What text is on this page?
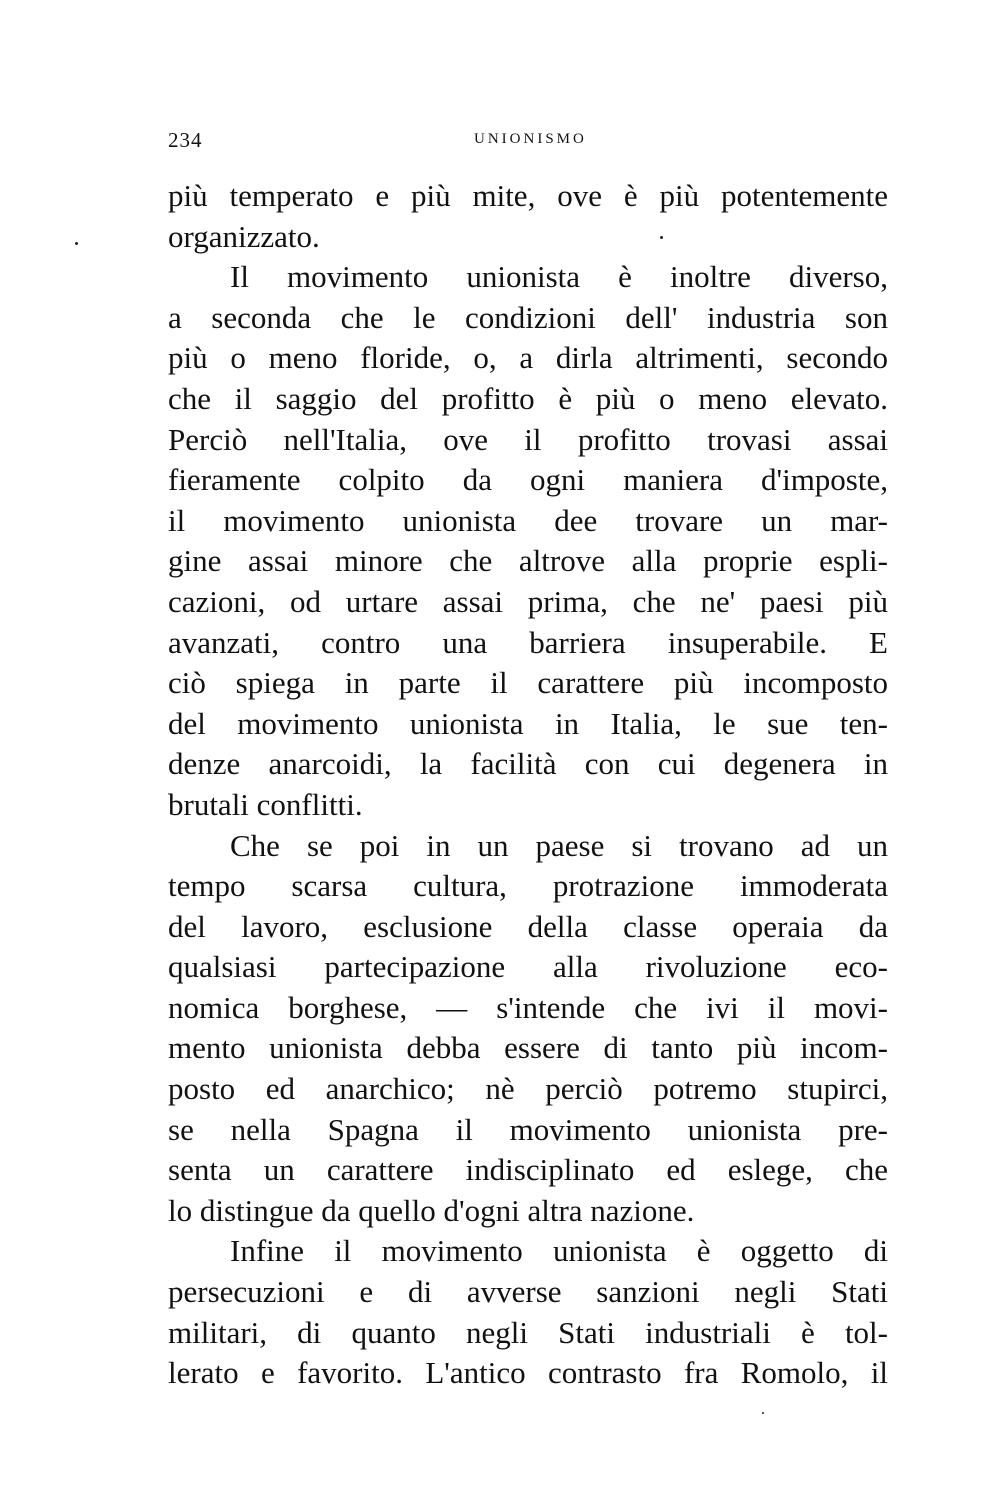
234	UNIONISMO
più temperato e più mite, ove è più potentemente
organizzato.
Il movimento unionista è inoltre diverso,
a seconda che le condizioni dell' industria son
più o meno floride, o, a dirla altrimenti, secondo
che il saggio del profitto è più o meno elevato.
Perciò nell'Italia, ove il profitto trovasi assai
fieramente colpito da ogni maniera d'imposte,
il movimento unionista dee trovare un mar-
gine assai minore che altrove alla proprie espli-
cazioni, od urtare assai prima, che ne' paesi più
avanzati, contro una barriera insuperabile. E
ciò spiega in parte il carattere più incomposto
del movimento unionista in Italia, le sue ten-
denze anarcoidi, la facilità con cui degenera in
brutali conflitti.
Che se poi in un paese si trovano ad un
tempo scarsa cultura, protrazione immoderata
del lavoro, esclusione della classe operaia da
qualsiasi partecipazione alla rivoluzione eco-
nomica borghese, — s'intende che ivi il movi-
mento unionista debba essere di tanto più incom-
posto ed anarchico; nè perciò potremo stupirci,
se nella Spagna il movimento unionista pre-
senta un carattere indisciplinato ed eslege, che
lo distingue da quello d'ogni altra nazione.
Infine il movimento unionista è oggetto di
persecuzioni e di avverse sanzioni negli Stati
militari, di quanto negli Stati industriali è tol-
lerato e favorito. L'antico contrasto fra Romolo, il
